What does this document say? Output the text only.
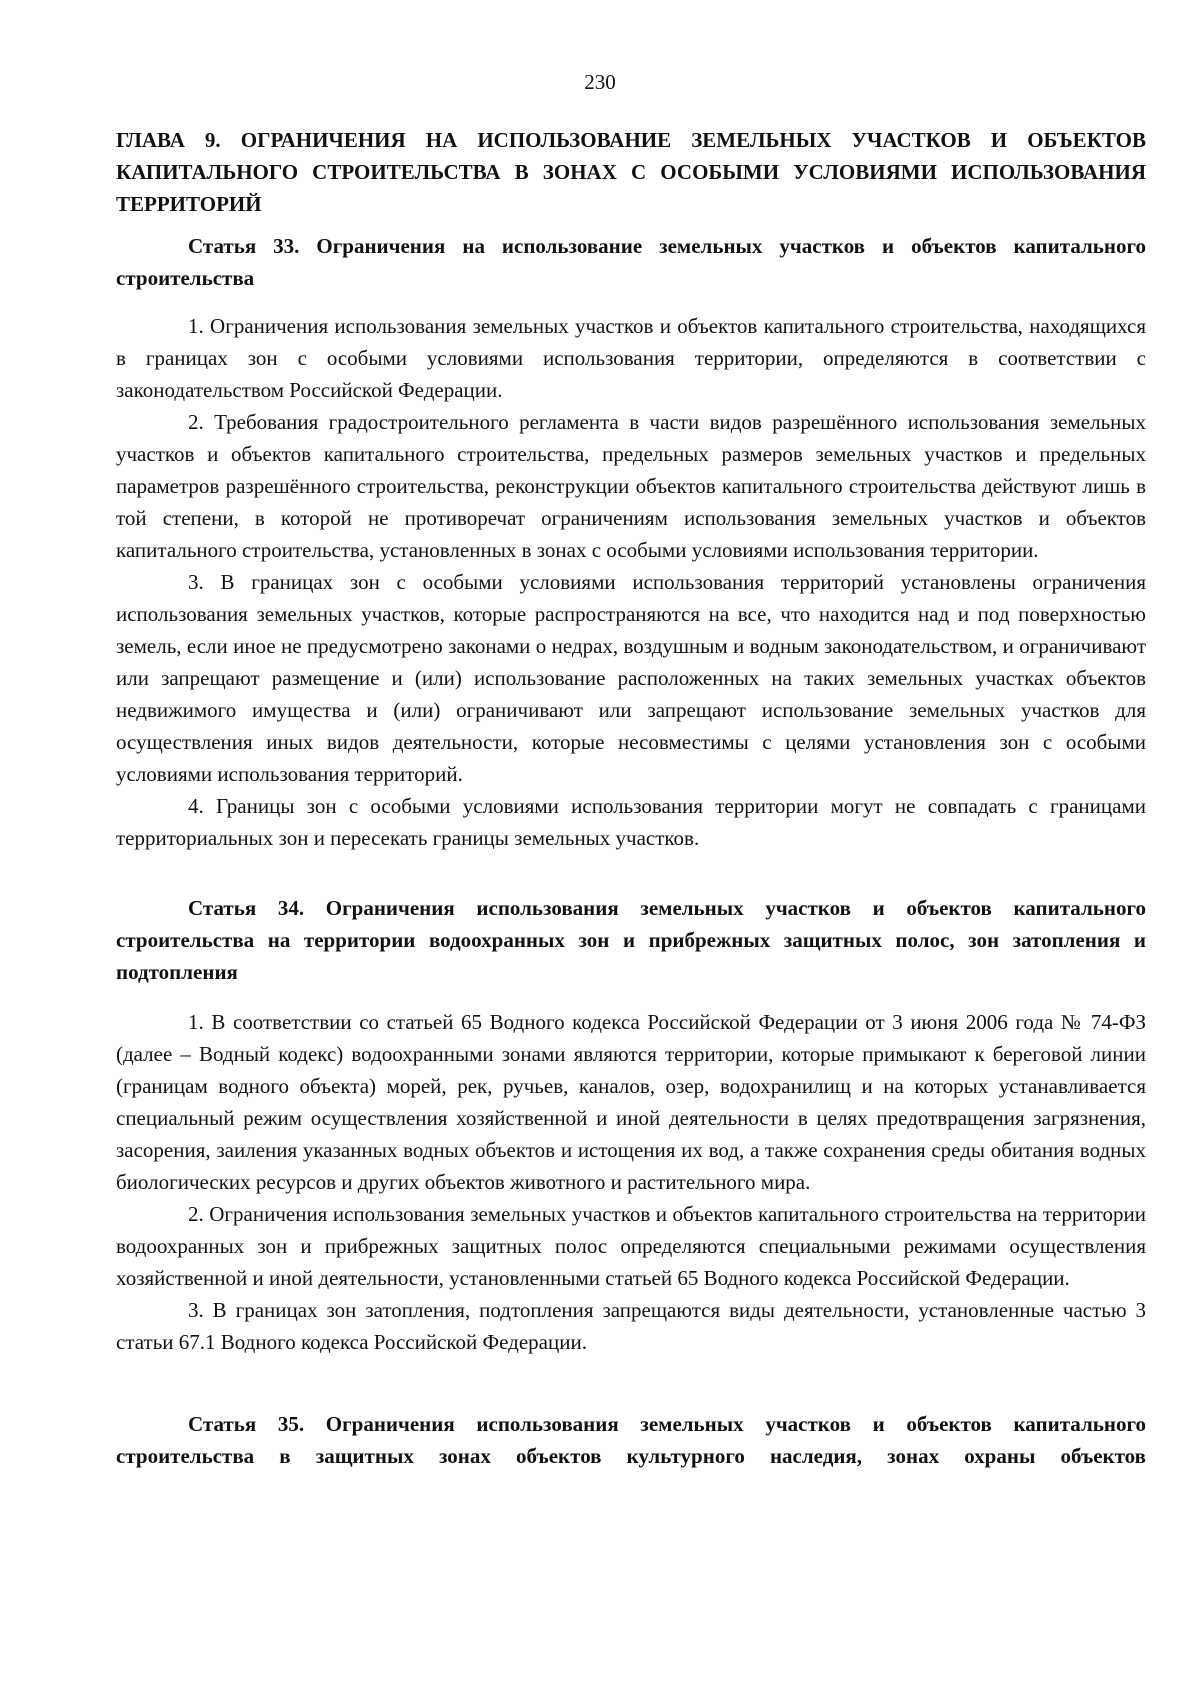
230
ГЛАВА 9. ОГРАНИЧЕНИЯ НА ИСПОЛЬЗОВАНИЕ ЗЕМЕЛЬНЫХ УЧАСТКОВ И ОБЪЕКТОВ КАПИТАЛЬНОГО СТРОИТЕЛЬСТВА В ЗОНАХ С ОСОБЫМИ УСЛОВИЯМИ ИСПОЛЬЗОВАНИЯ ТЕРРИТОРИЙ
Статья 33. Ограничения на использование земельных участков и объектов капитального строительства

1. Ограничения использования земельных участков и объектов капитального строительства, находящихся в границах зон с особыми условиями использования территории, определяются в соответствии с законодательством Российской Федерации.

2. Требования градостроительного регламента в части видов разрешённого использования земельных участков и объектов капитального строительства, предельных размеров земельных участков и предельных параметров разрешённого строительства, реконструкции объектов капитального строительства действуют лишь в той степени, в которой не противоречат ограничениям использования земельных участков и объектов капитального строительства, установленных в зонах с особыми условиями использования территории.

3. В границах зон с особыми условиями использования территорий установлены ограничения использования земельных участков, которые распространяются на все, что находится над и под поверхностью земель, если иное не предусмотрено законами о недрах, воздушным и водным законодательством, и ограничивают или запрещают размещение и (или) использование расположенных на таких земельных участках объектов недвижимого имущества и (или) ограничивают или запрещают использование земельных участков для осуществления иных видов деятельности, которые несовместимы с целями установления зон с особыми условиями использования территорий.

4. Границы зон с особыми условиями использования территории могут не совпадать с границами территориальных зон и пересекать границы земельных участков.

Статья 34. Ограничения использования земельных участков и объектов капитального строительства на территории водоохранных зон и прибрежных защитных полос, зон затопления и подтопления

1. В соответствии со статьей 65 Водного кодекса Российской Федерации от 3 июня 2006 года № 74-ФЗ (далее – Водный кодекс) водоохранными зонами являются территории, которые примыкают к береговой линии (границам водного объекта) морей, рек, ручьев, каналов, озер, водохранилищ и на которых устанавливается специальный режим осуществления хозяйственной и иной деятельности в целях предотвращения загрязнения, засорения, заиления указанных водных объектов и истощения их вод, а также сохранения среды обитания водных биологических ресурсов и других объектов животного и растительного мира.

2. Ограничения использования земельных участков и объектов капитального строительства на территории водоохранных зон и прибрежных защитных полос определяются специальными режимами осуществления хозяйственной и иной деятельности, установленными статьей 65 Водного кодекса Российской Федерации.

3. В границах зон затопления, подтопления запрещаются виды деятельности, установленные частью 3 статьи 67.1 Водного кодекса Российской Федерации.

Статья 35. Ограничения использования земельных участков и объектов капитального строительства в защитных зонах объектов культурного наследия, зонах охраны объектов
